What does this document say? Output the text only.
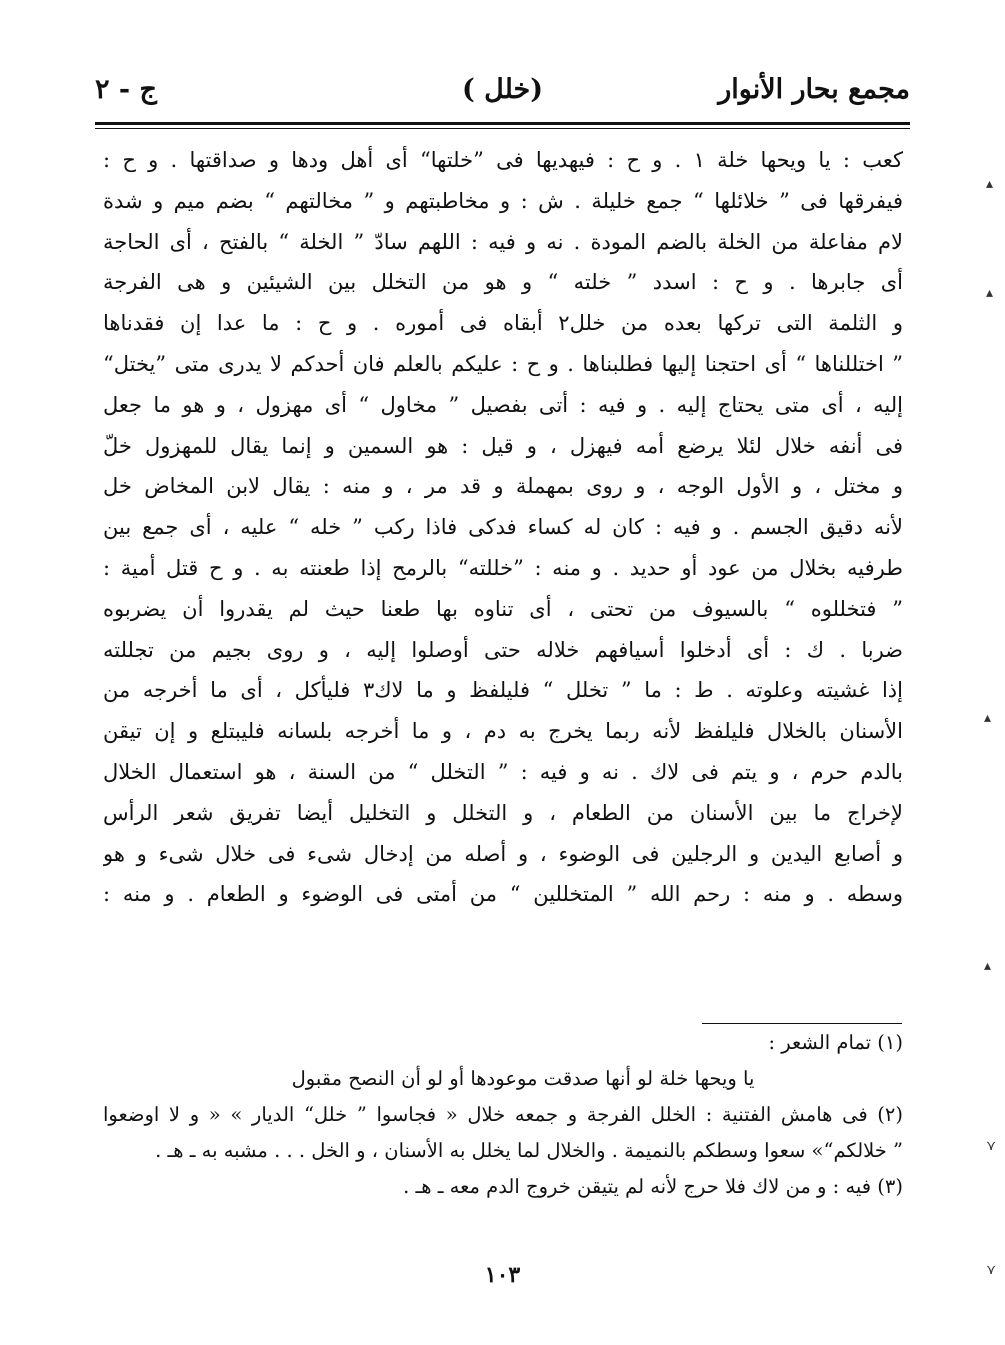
مجمع بحار الأنوار
(خلل )
ج - ٢
كعب : يا ويحها خلة ١ . و ح : فيهديها فى ”خلتها“ أى أهل ودها و صداقتها . و ح :
فيفرقها فى ” خلائلها “ جمع خليلة . ش : و مخاطبتهم و ” مخالتهم “ بضم ميم و شدة
لام مفاعلة من الخلة بالضم المودة . نه و فيه : اللهم سادّ ” الخلة “ بالفتح ، أى الحاجة
أى جابرها . و ح : اسدد ” خلته “ و هو من التخلل بين الشيئين و هى الفرجة
و الثلمة التى تركها بعده من خلل٢ أبقاه فى أموره . و ح : ما عدا إن فقدناها
” اختللناها “ أى احتجنا إليها فطلبناها . و ح : عليكم بالعلم فان أحدكم لا يدرى متى ”يختل“
إليه ، أى متى يحتاج إليه . و فيه : أتى بفصيل ” مخاول “ أى مهزول ، و هو ما جعل
فى أنفه خلال لئلا يرضع أمه فيهزل ، و قيل : هو السمين و إنما يقال للمهزول خلّ
و مختل ، و الأول الوجه ، و روى بمهملة و قد مر ، و منه : يقال لابن المخاض خل
لأنه دقيق الجسم . و فيه : كان له كساء فدكى فاذا ركب ” خله “ عليه ، أى جمع بين
طرفيه بخلال من عود أو حديد . و منه : ”خللته“ بالرمح إذا طعنته به . و ح قتل أمية :
” فتخللوه “ بالسيوف من تحتى ، أى تناوه بها طعنا حيث لم يقدروا أن يضربوه
ضربا . ك : أى أدخلوا أسيافهم خلاله حتى أوصلوا إليه ، و روى بجيم من تجللته
إذا غشيته وعلوته . ط : ما ” تخلل “ فليلفظ و ما لاك٣ فليأكل ، أى ما أخرجه من
الأسنان بالخلال فليلفظ لأنه ربما يخرج به دم ، و ما أخرجه بلسانه فليبتلع و إن تيقن
بالدم حرم ، و يتم فى لاك . نه و فيه : ” التخلل “ من السنة ، هو استعمال الخلال
لإخراج ما بين الأسنان من الطعام ، و التخلل و التخليل أيضا تفريق شعر الرأس
و أصابع اليدين و الرجلين فى الوضوء ، و أصله من إدخال شىء فى خلال شىء و هو
وسطه . و منه : رحم الله ” المتخللين “ من أمتى فى الوضوء و الطعام . و منه :
(١) تمام الشعر :
يا ويحها خلة لو أنها صدقت موعودها أو لو أن النصح مقبول
(٢) فى هامش الفتنية : الخلل الفرجة و جمعه خلال « فجاسوا ” خلل“ الديار » « و لا اوضعوا
” خلالكم“» سعوا وسطكم بالنميمة . والخلال لما يخلل به الأسنان ، و الخل . . . مشبه به ـ هـ .
(٣) فيه : و من لاك فلا حرج لأنه لم يتيقن خروج الدم معه ـ هـ .
١٠٣
▴
▴
▴
▴
⋎
⋎
